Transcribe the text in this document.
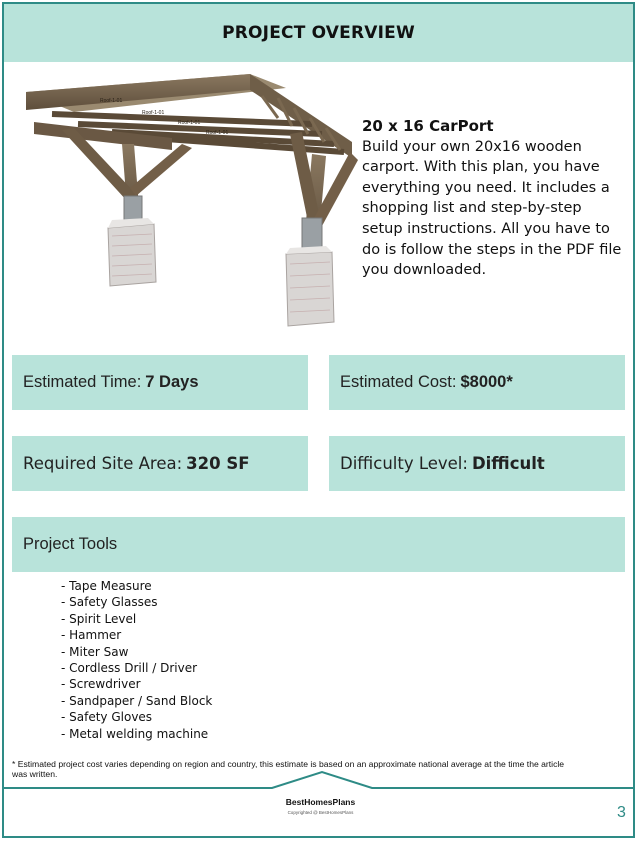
PROJECT OVERVIEW
Roof-1-01
Roof-1-01
Roof-1-01
Roof-1-01	20 x 16 CarPort
Build your own 20x16 wooden carport. With this plan, you have everything you need. It includes a shopping list and step-by-step setup instructions. All you have to do is follow the steps in the PDF file you downloaded.
Estimated Time: 7 Days	Estimated Cost: $8000*
Required Site Area: 320 SF	Difficulty Level: Difficult
Project Tools
- Tape Measure
- Safety Glasses
- Spirit Level
- Hammer
- Miter Saw
- Cordless Drill / Driver
- Screwdriver
- Sandpaper / Sand Block
- Safety Gloves
- Metal welding machine
* Estimated project cost varies depending on region and country, this estimate is based on an approximate national average at the time the article was written.
BestHomesPlans
Copyrighted @ BestHomesPlans	3
